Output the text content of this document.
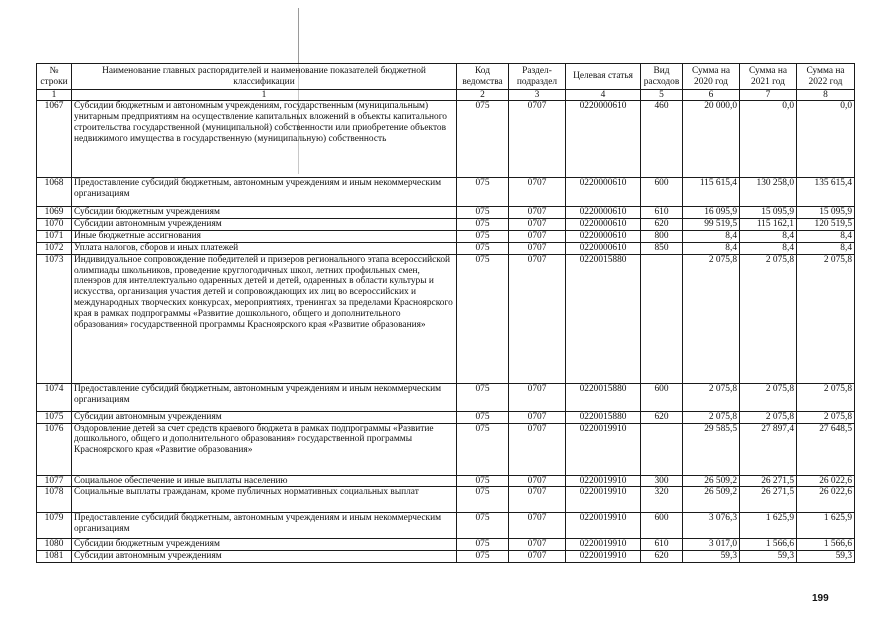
№ строки	Наименование главных распорядителей и наименование показателей бюджетной классификации	Код ведомства	Раздел-подраздел	Целевая статья	Вид расходов	Сумма на 2020 год	Сумма на 2021 год	Сумма на 2022 год
1	1	2	3	4	5	6	7	8
1067	Субсидии бюджетным и автономным учреждениям, государственным (муниципальным) унитарным предприятиям на осуществление капитальных вложений в объекты капитального строительства государственной (муниципальной) собственности или приобретение объектов недвижимого имущества в государственную (муниципальную) собственность	075	0707	0220000610	460	20 000,0	0,0	0,0
1068	Предоставление субсидий бюджетным, автономным учреждениям и иным некоммерческим организациям	075	0707	0220000610	600	115 615,4	130 258,0	135 615,4
1069	Субсидии бюджетным учреждениям	075	0707	0220000610	610	16 095,9	15 095,9	15 095,9
1070	Субсидии автономным учреждениям	075	0707	0220000610	620	99 519,5	115 162,1	120 519,5
1071	Иные бюджетные ассигнования	075	0707	0220000610	800	8,4	8,4	8,4
1072	Уплата налогов, сборов и иных платежей	075	0707	0220000610	850	8,4	8,4	8,4
1073	Индивидуальное сопровождение победителей и призеров регионального этапа всероссийской олимпиады школьников, проведение круглогодичных школ, летних профильных смен, пленэров для интеллектуально одаренных детей и детей, одаренных в области культуры и искусства, организация участия детей и сопровождающих их лиц во всероссийских и международных творческих конкурсах, мероприятиях, тренингах за пределами Красноярского края в рамках подпрограммы «Развитие дошкольного, общего и дополнительного образования» государственной программы Красноярского края «Развитие образования»	075	0707	0220015880		2 075,8	2 075,8	2 075,8
1074	Предоставление субсидий бюджетным, автономным учреждениям и иным некоммерческим организациям	075	0707	0220015880	600	2 075,8	2 075,8	2 075,8
1075	Субсидии автономным учреждениям	075	0707	0220015880	620	2 075,8	2 075,8	2 075,8
1076	Оздоровление детей за счет средств краевого бюджета в рамках подпрограммы «Развитие дошкольного, общего и дополнительного образования» государственной программы Красноярского края «Развитие образования»	075	0707	0220019910		29 585,5	27 897,4	27 648,5
1077	Социальное обеспечение и иные выплаты населению	075	0707	0220019910	300	26 509,2	26 271,5	26 022,6
1078	Социальные выплаты гражданам, кроме публичных нормативных социальных выплат	075	0707	0220019910	320	26 509,2	26 271,5	26 022,6
1079	Предоставление субсидий бюджетным, автономным учреждениям и иным некоммерческим организациям	075	0707	0220019910	600	3 076,3	1 625,9	1 625,9
1080	Субсидии бюджетным учреждениям	075	0707	0220019910	610	3 017,0	1 566,6	1 566,6
1081	Субсидии автономным учреждениям	075	0707	0220019910	620	59,3	59,3	59,3
199
